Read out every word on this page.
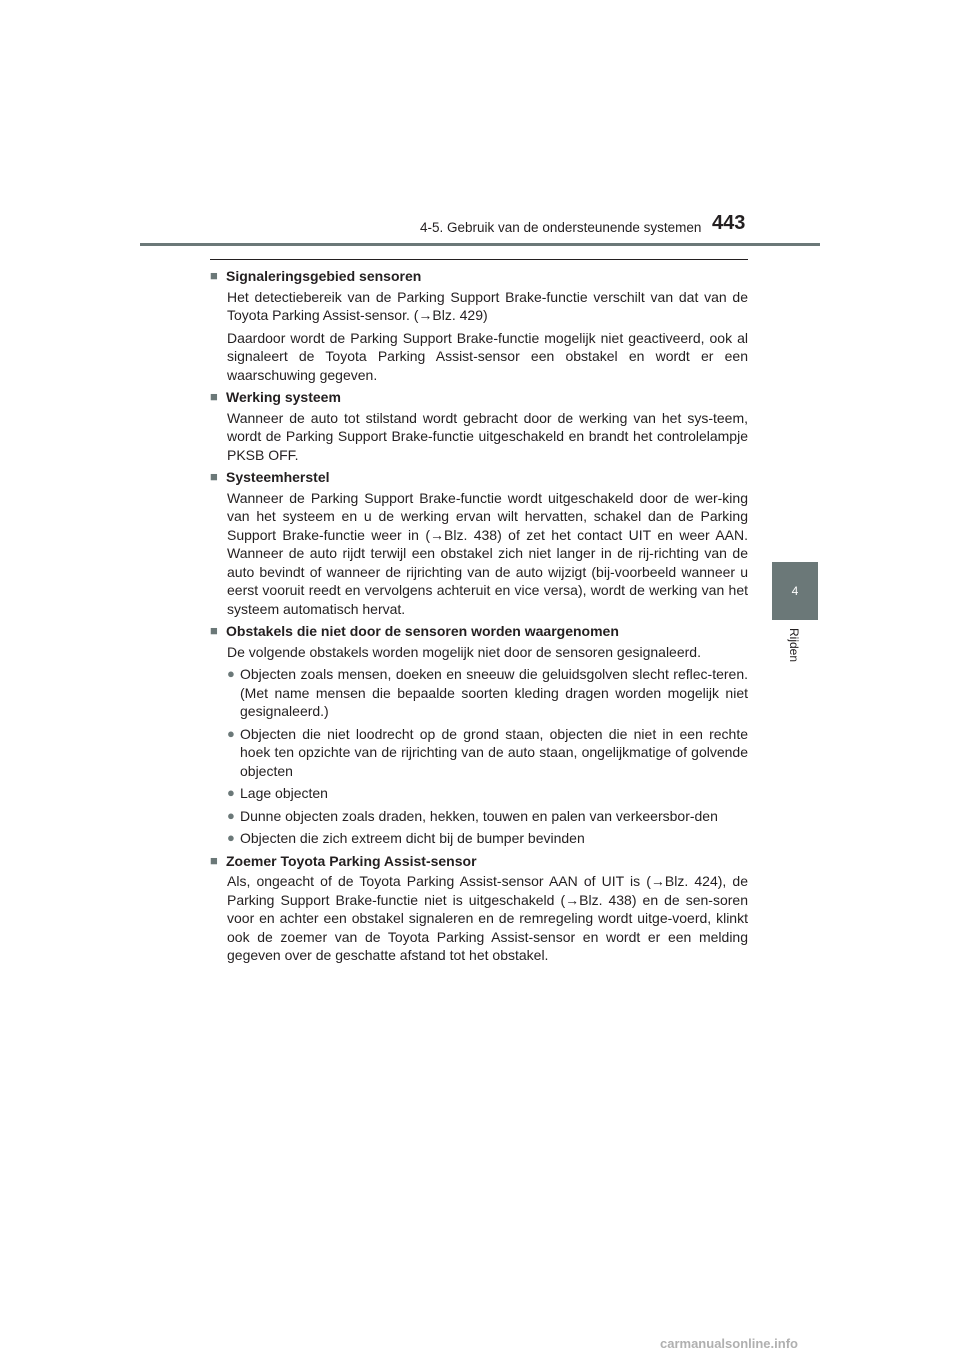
4-5. Gebruik van de ondersteunende systemen 443
4
Rijden
■ Signaleringsgebied sensoren

Het detectiebereik van de Parking Support Brake-functie verschilt van dat van de Toyota Parking Assist-sensor. (→Blz. 429)

Daardoor wordt de Parking Support Brake-functie mogelijk niet geactiveerd, ook al signaleert de Toyota Parking Assist-sensor een obstakel en wordt er een waarschuwing gegeven.

■ Werking systeem

Wanneer de auto tot stilstand wordt gebracht door de werking van het sys-teem, wordt de Parking Support Brake-functie uitgeschakeld en brandt het controlelampje PKSB OFF.

■ Systeemherstel

Wanneer de Parking Support Brake-functie wordt uitgeschakeld door de wer-king van het systeem en u de werking ervan wilt hervatten, schakel dan de Parking Support Brake-functie weer in (→Blz. 438) of zet het contact UIT en weer AAN. Wanneer de auto rijdt terwijl een obstakel zich niet langer in de rij-richting van de auto bevindt of wanneer de rijrichting van de auto wijzigt (bij-voorbeeld wanneer u eerst vooruit reedt en vervolgens achteruit en vice versa), wordt de werking van het systeem automatisch hervat.

■ Obstakels die niet door de sensoren worden waargenomen

De volgende obstakels worden mogelijk niet door de sensoren gesignaleerd.

● Objecten zoals mensen, doeken en sneeuw die geluidsgolven slecht reflec-teren. (Met name mensen die bepaalde soorten kleding dragen worden mogelijk niet gesignaleerd.)
● Objecten die niet loodrecht op de grond staan, objecten die niet in een rechte hoek ten opzichte van de rijrichting van de auto staan, ongelijkmatige of golvende objecten
● Lage objecten
● Dunne objecten zoals draden, hekken, touwen en palen van verkeersbor-den
● Objecten die zich extreem dicht bij de bumper bevinden
■ Zoemer Toyota Parking Assist-sensor

Als, ongeacht of de Toyota Parking Assist-sensor AAN of UIT is (→Blz. 424), de Parking Support Brake-functie niet is uitgeschakeld (→Blz. 438) en de sen-soren voor en achter een obstakel signaleren en de remregeling wordt uitge-voerd, klinkt ook de zoemer van de Toyota Parking Assist-sensor en wordt er een melding gegeven over de geschatte afstand tot het obstakel.

carmanualsonline.info
